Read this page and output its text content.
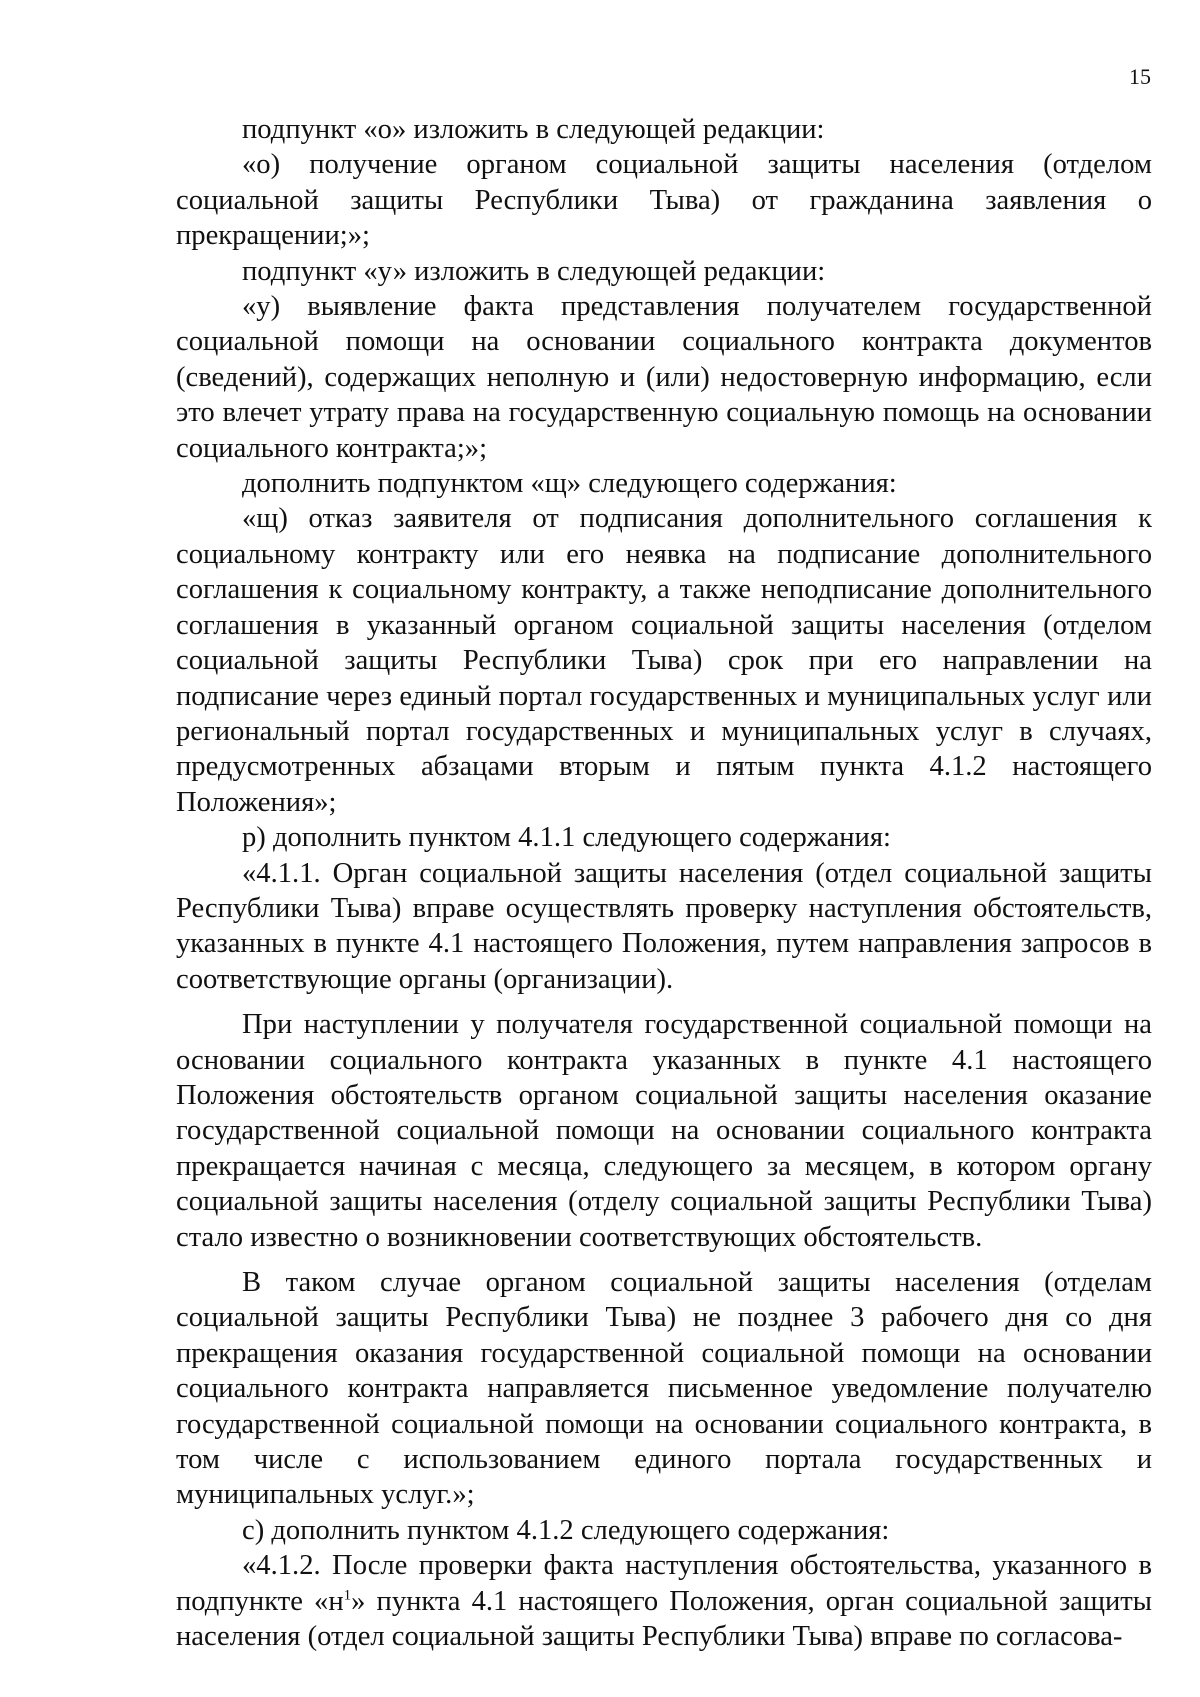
15

подпункт «о» изложить в следующей редакции:

«о) получение органом социальной защиты населения (отделом социальной защиты Республики Тыва) от гражданина заявления о прекращении;»;

подпункт «у» изложить в следующей редакции:

«у) выявление факта представления получателем государственной социальной помощи на основании социального контракта документов (сведений), содержащих неполную и (или) недостоверную информацию, если это влечет утрату права на государственную социальную помощь на основании социального контракта;»;

дополнить подпунктом «щ» следующего содержания:

«щ) отказ заявителя от подписания дополнительного соглашения к социальному контракту или его неявка на подписание дополнительного соглашения к социальному контракту, а также неподписание дополнительного соглашения в указанный органом социальной защиты населения (отделом социальной защиты Республики Тыва) срок при его направлении на подписание через единый портал государственных и муниципальных услуг или региональный портал государственных и муниципальных услуг в случаях, предусмотренных абзацами вторым и пятым пункта 4.1.2 настоящего Положения»;

р) дополнить пунктом 4.1.1 следующего содержания:

«4.1.1. Орган социальной защиты населения (отдел социальной защиты Республики Тыва) вправе осуществлять проверку наступления обстоятельств, указанных в пункте 4.1 настоящего Положения, путем направления запросов в соответствующие органы (организации).

При наступлении у получателя государственной социальной помощи на основании социального контракта указанных в пункте 4.1 настоящего Положения обстоятельств органом социальной защиты населения оказание государственной социальной помощи на основании социального контракта прекращается начиная с месяца, следующего за месяцем, в котором органу социальной защиты населения (отделу социальной защиты Республики Тыва) стало известно о возникновении соответствующих обстоятельств.

В таком случае органом социальной защиты населения (отделам социальной защиты Республики Тыва) не позднее 3 рабочего дня со дня прекращения оказания государственной социальной помощи на основании социального контракта направляется письменное уведомление получателю государственной социальной помощи на основании социального контракта, в том числе с использованием единого портала государственных и муниципальных услуг.»;

с) дополнить пунктом 4.1.2 следующего содержания:

«4.1.2. После проверки факта наступления обстоятельства, указанного в подпункте «$н^1$» пункта 4.1 настоящего Положения, орган социальной защиты населения (отдел социальной защиты Республики Тыва) вправе по согласова-
